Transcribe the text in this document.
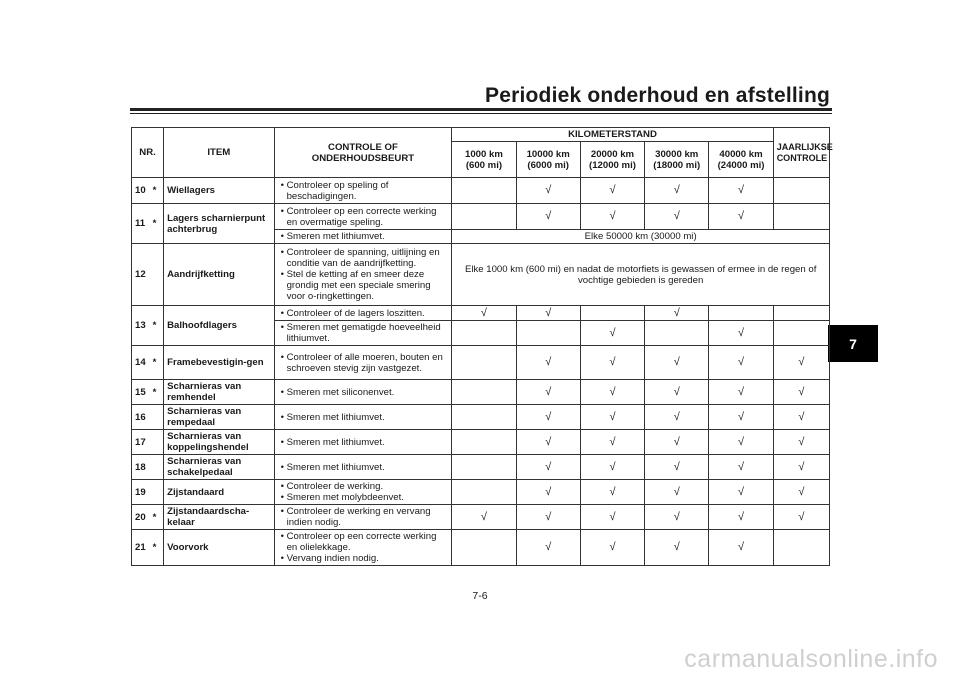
Periodiek onderhoud en afstelling
7
NR.		ITEM	CONTROLE OF ONDERHOUDSBEURT	KILOMETERSTAND					JAARLIJKSE CONTROLE
				1000 km (600 mi)	10000 km (6000 mi)	20000 km (12000 mi)	30000 km (18000 mi)	40000 km (24000 mi)	
10	*	Wiellagers	• Controleer op speling of beschadigingen.		√	√	√	√	
11	*	Lagers scharnierpunt achterbrug	• Controleer op een correcte werking en overmatige speling.		√	√	√	√	

			• Smeren met lithiumvet.	Elke 50000 km (30000 mi)					
12		Aandrijfketting	• Controleer de spanning, uitlijning en conditie van de aandrijfketting.
• Stel de ketting af en smeer deze grondig met een speciale smering voor o-ringkettingen.	Elke 1000 km (600 mi) en nadat de motorfiets is gewassen of ermee in de regen of vochtige gebieden is gereden					
13	*	Balhoofdlagers	• Controleer of de lagers loszitten.	√	√		√		

			• Smeren met gematigde hoeveelheid lithiumvet.			√		√	
14	*	Framebevestigin-gen	• Controleer of alle moeren, bouten en schroeven stevig zijn vastgezet.		√	√	√	√	√
15	*	Scharnieras van remhendel	• Smeren met siliconenvet.		√	√	√	√	√
16		Scharnieras van rempedaal	• Smeren met lithiumvet.		√	√	√	√	√
17		Scharnieras van koppelingshendel	• Smeren met lithiumvet.		√	√	√	√	√
18		Scharnieras van schakelpedaal	• Smeren met lithiumvet.		√	√	√	√	√
19		Zijstandaard	• Controleer de werking.
• Smeren met molybdeenvet.		√	√	√	√	√
20	*	Zijstandaardscha-kelaar	• Controleer de werking en vervang indien nodig.	√	√	√	√	√	√
21	*	Voorvork	• Controleer op een correcte werking en olielekkage.
• Vervang indien nodig.		√	√	√	√	
7-6
carmanualsonline.info
